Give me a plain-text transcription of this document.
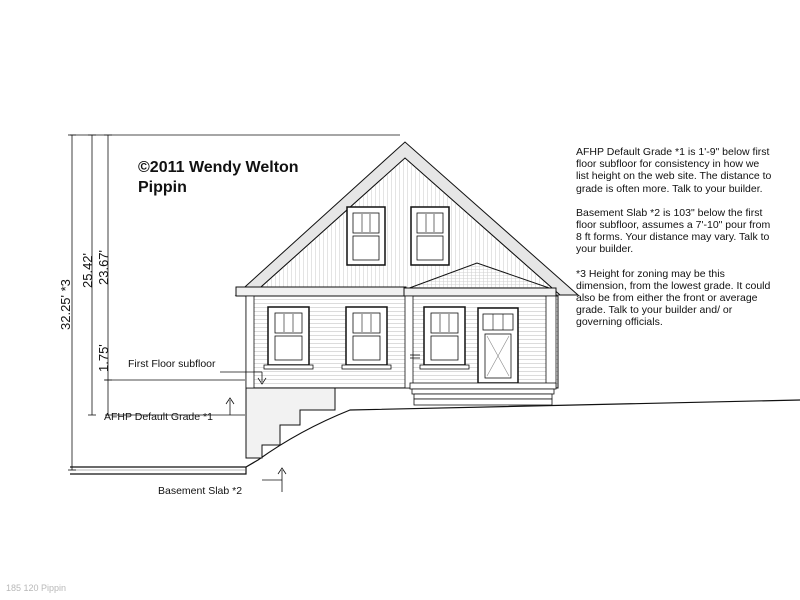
©2011 Wendy Welton
Pippin

AFHP Default Grade *1 is 1'-9" below first floor subfloor for consistency in how we list height on the web site. The distance to grade is often more. Talk to your builder.

Basement Slab *2 is 103" below the first floor subfloor, assumes a 7'-10" pour from 8 ft forms. Your distance may vary. Talk to your builder.

*3 Height for zoning may be this dimension, from the lowest grade. It could also be from either the front or average grade. Talk to your builder and/ or governing officials.

First Floor subfloor
AFHP Default Grade *1
Basement Slab *2
32.25' *3
25.42' 23.67'
1.75'
185 120 Pippin
